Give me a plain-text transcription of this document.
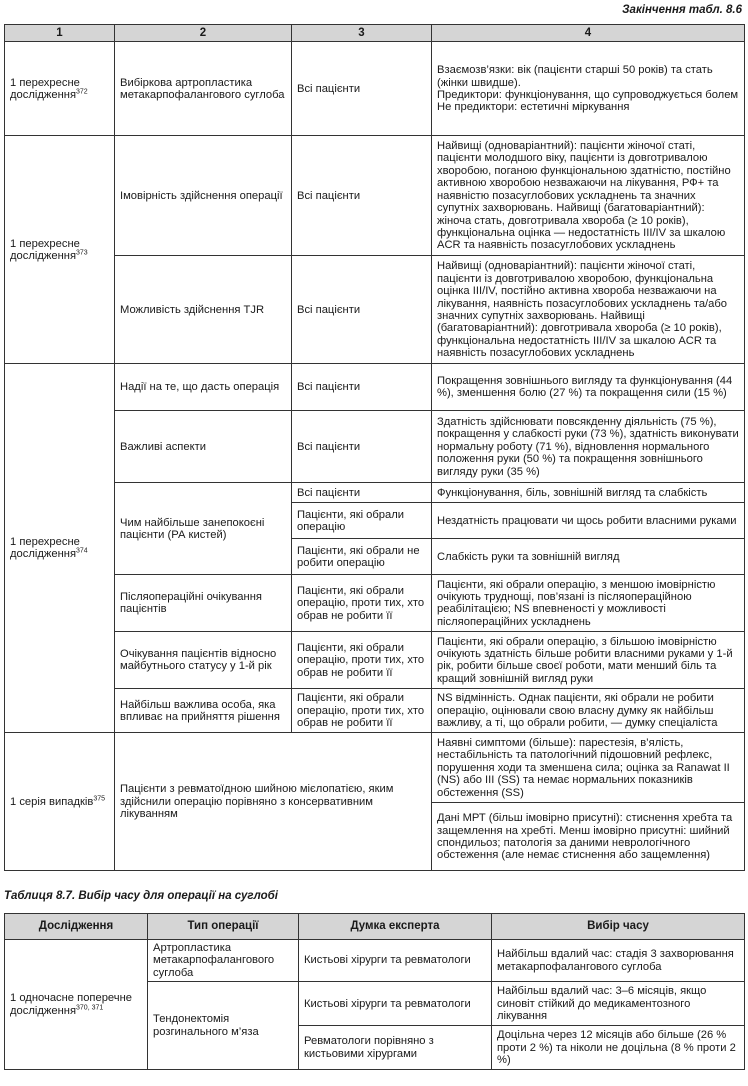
Закінчення табл. 8.6
1	2	3	4
1 перехресне дослідження$^{372}$	Вибіркова артропластика метакарпофалангового суглоба	Всі пацієнти	Взаємозв’язки: вік (пацієнти старші 50 років) та стать (жінки швидше).
Предиктори: функціонування, що супроводжується болем
Не предиктори: естетичні міркування
1 перехресне дослідження$^{373}$	Імовірність здійснення операції	Всі пацієнти	Найвищі (одноваріантний): пацієнти жіночої статі, пацієнти молодшого віку, пацієнти із довготривалою хворобою, поганою функціональною здатністю, постійно активною хворобою незважаючи на лікування, РФ+ та наявністю позасуглобових ускладнень та значних супутніх захворювань. Найвищі (багатоваріантний): жіноча стать, довготривала хвороба (≥ 10 років), функціональна оцінка — недостатність III/IV за шкалою ACR та наявність позасуглобових ускладнень
	Можливість здійснення TJR	Всі пацієнти	Найвищі (одноваріантний): пацієнти жіночої статі, пацієнти із довготривалою хворобою, функціональна оцінка III/IV, постійно активна хвороба незважаючи на лікування, наявність позасуглобових ускладнень та/або значних супутніх захворювань. Найвищі (багатоваріантний): довготривала хвороба (≥ 10 років), функціональна недостатність III/IV за шкалою ACR та наявність позасуглобових ускладнень
1 перехресне дослідження$^{374}$	Надії на те, що дасть операція	Всі пацієнти	Покращення зовнішнього вигляду та функціонування (44 %), зменшення болю (27 %) та покращення сили (15 %)
	Важливі аспекти	Всі пацієнти	Здатність здійснювати повсякденну діяльність (75 %), покращення у слабкості руки (73 %), здатність виконувати нормальну роботу (71 %), відновлення нормального положення руки (50 %) та покращення зовнішнього вигляду руки (35 %)
	Чим найбільше занепокоєні пацієнти (РА кистей)	Всі пацієнти	Функціонування, біль, зовнішній вигляд та слабкість
		Пацієнти, які обрали операцію	Нездатність працювати чи щось робити власними руками
		Пацієнти, які обрали не робити операцію	Слабкість руки та зовнішній вигляд
	Післяопераційні очікування пацієнтів	Пацієнти, які обрали операцію, проти тих, хто обрав не робити її	Пацієнти, які обрали операцію, з меншою імовірністю очікують труднощі, пов’язані із післяопераційною реабілітацією; NS впевненості у можливості післяопераційних ускладнень
	Очікування пацієнтів відносно майбутнього статусу у 1-й рік	Пацієнти, які обрали операцію, проти тих, хто обрав не робити її	Пацієнти, які обрали операцію, з більшою імовірністю очікують здатність більше робити власними руками у 1-й рік, робити більше своєї роботи, мати менший біль та кращий зовнішній вигляд руки
	Найбільш важлива особа, яка впливає на прийняття рішення	Пацієнти, які обрали операцію, проти тих, хто обрав не робити її	NS відмінність. Однак пацієнти, які обрали не робити операцію, оцінювали свою власну думку як найбільш важливу, а ті, що обрали робити, — думку спеціаліста
1 серія випадків$^{375}$	Пацієнти з ревматоїдною шийною мієлопатією, яким здійснили операцію порівняно з консервативним лікуванням		Наявні симптоми (більше): парестезія, в’ялість, нестабільність та патологічний підошовний рефлекс, порушення ходи та зменшена сила; оцінка за Ranawat II (NS) або III (SS) та немає нормальних показників обстеження (SS)
			Дані МРТ (більш імовірно присутні): стиснення хребта та защемлення на хребті. Менш імовірно присутні: шийний спондильоз; патологія за даними неврологічного обстеження (але немає стиснення або защемлення)
Таблиця 8.7. Вибір часу для операції на суглобі
Дослідження	Тип операції	Думка експерта	Вибір часу
1 одночасне поперечне дослідження$^{370, 371}$	Артропластика метакарпофалангового суглоба	Кистьові хірурги та ревматологи	Найбільш вдалий час: стадія 3 захворювання метакарпофалангового суглоба
	Тендонектомія розгинального м’яза	Кистьові хірурги та ревматологи	Найбільш вдалий час: 3–6 місяців, якщо синовіт стійкий до медикаментозного лікування
		Ревматологи порівняно з кистьовими хірургами	Доцільна через 12 місяців або більше (26 % проти 2 %) та ніколи не доцільна (8 % проти 2 %)
